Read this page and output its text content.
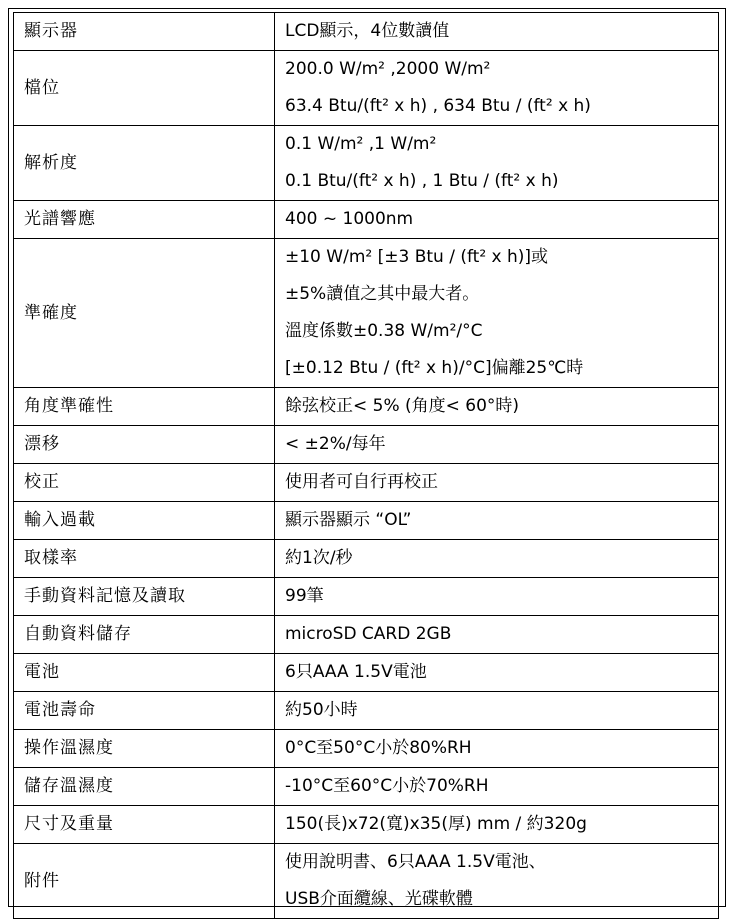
顯示器	LCD顯示，4位數讀值

檔位	200.0 W/m² ,2000 W/m²
63.4 Btu/(ft² x h) , 634 Btu / (ft² x h)

解析度	0.1 W/m² ,1 W/m²
0.1 Btu/(ft² x h) , 1 Btu / (ft² x h)

光譜響應	400 ~ 1000nm

準確度	±10 W/m² [±3 Btu / (ft² x h)]或
±5%讀值之其中最大者。
溫度係數±0.38 W/m²/°C
[±0.12 Btu / (ft² x h)/°C]偏離25℃時

角度準確性	餘弦校正< 5% (角度< 60°時)

漂移	< ±2%/每年

校正	使用者可自行再校正

輸入過載	顯示器顯示 “OL”

取樣率	約1次/秒

手動資料記憶及讀取	99筆

自動資料儲存	microSD CARD 2GB

電池	6只AAA 1.5V電池

電池壽命	約50小時

操作溫濕度	0°C至50°C小於80%RH

儲存溫濕度	-10°C至60°C小於70%RH

尺寸及重量	150(長)x72(寬)x35(厚) mm / 約320g

附件	使用說明書、6只AAA 1.5V電池、
USB介面纜線、光碟軟體
